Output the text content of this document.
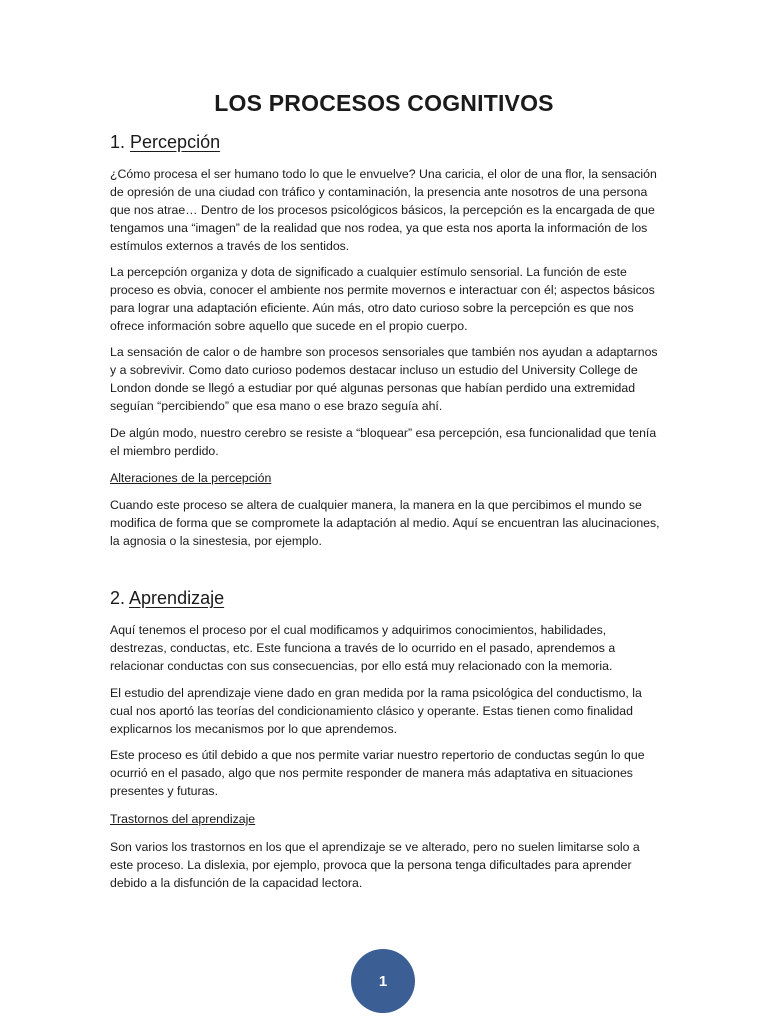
LOS PROCESOS COGNITIVOS
1. Percepción

¿Cómo procesa el ser humano todo lo que le envuelve? Una caricia, el olor de una flor, la sensación de opresión de una ciudad con tráfico y contaminación, la presencia ante nosotros de una persona que nos atrae… Dentro de los procesos psicológicos básicos, la percepción es la encargada de que tengamos una “imagen” de la realidad que nos rodea, ya que esta nos aporta la información de los estímulos externos a través de los sentidos.

La percepción organiza y dota de significado a cualquier estímulo sensorial. La función de este proceso es obvia, conocer el ambiente nos permite movernos e interactuar con él; aspectos básicos para lograr una adaptación eficiente. Aún más, otro dato curioso sobre la percepción es que nos ofrece información sobre aquello que sucede en el propio cuerpo.

La sensación de calor o de hambre son procesos sensoriales que también nos ayudan a adaptarnos y a sobrevivir. Como dato curioso podemos destacar incluso un estudio del University College de London donde se llegó a estudiar por qué algunas personas que habían perdido una extremidad seguían “percibiendo” que esa mano o ese brazo seguía ahí.

De algún modo, nuestro cerebro se resiste a “bloquear” esa percepción, esa funcionalidad que tenía el miembro perdido.

Alteraciones de la percepción

Cuando este proceso se altera de cualquier manera, la manera en la que percibimos el mundo se modifica de forma que se compromete la adaptación al medio. Aquí se encuentran las alucinaciones, la agnosia o la sinestesia, por ejemplo.

2. Aprendizaje

Aquí tenemos el proceso por el cual modificamos y adquirimos conocimientos, habilidades, destrezas, conductas, etc. Este funciona a través de lo ocurrido en el pasado, aprendemos a relacionar conductas con sus consecuencias, por ello está muy relacionado con la memoria.

El estudio del aprendizaje viene dado en gran medida por la rama psicológica del conductismo, la cual nos aportó las teorías del condicionamiento clásico y operante. Estas tienen como finalidad explicarnos los mecanismos por lo que aprendemos.

Este proceso es útil debido a que nos permite variar nuestro repertorio de conductas según lo que ocurrió en el pasado, algo que nos permite responder de manera más adaptativa en situaciones presentes y futuras.

Trastornos del aprendizaje

Son varios los trastornos en los que el aprendizaje se ve alterado, pero no suelen limitarse solo a este proceso. La dislexia, por ejemplo, provoca que la persona tenga dificultades para aprender debido a la disfunción de la capacidad lectora.

1
